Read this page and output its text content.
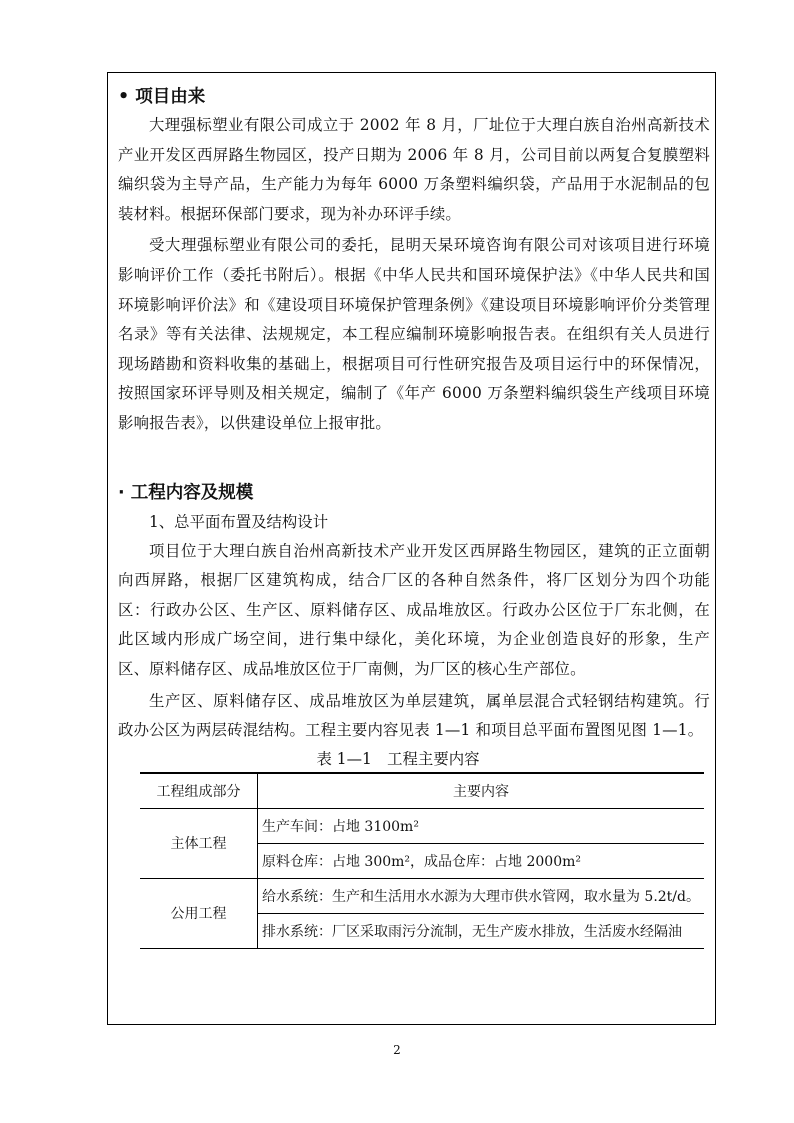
• 项目由来

大理强标塑业有限公司成立于 2002 年 8 月，厂址位于大理白族自治州高新技术产业开发区西屏路生物园区，投产日期为 2006 年 8 月，公司目前以两复合复膜塑料编织袋为主导产品，生产能力为每年 6000 万条塑料编织袋，产品用于水泥制品的包装材料。根据环保部门要求，现为补办环评手续。

受大理强标塑业有限公司的委托，昆明天杲环境咨询有限公司对该项目进行环境影响评价工作（委托书附后）。根据《中华人民共和国环境保护法》《中华人民共和国环境影响评价法》和《建设项目环境保护管理条例》《建设项目环境影响评价分类管理名录》等有关法律、法规规定，本工程应编制环境影响报告表。在组织有关人员进行现场踏勘和资料收集的基础上，根据项目可行性研究报告及项目运行中的环保情况，按照国家环评导则及相关规定，编制了《年产 6000 万条塑料编织袋生产线项目环境影响报告表》，以供建设单位上报审批。

· 工程内容及规模

1、总平面布置及结构设计

项目位于大理白族自治州高新技术产业开发区西屏路生物园区，建筑的正立面朝向西屏路，根据厂区建筑构成，结合厂区的各种自然条件，将厂区划分为四个功能区：行政办公区、生产区、原料储存区、成品堆放区。行政办公区位于厂东北侧，在此区域内形成广场空间，进行集中绿化，美化环境，为企业创造良好的形象，生产区、原料储存区、成品堆放区位于厂南侧，为厂区的核心生产部位。

生产区、原料储存区、成品堆放区为单层建筑，属单层混合式轻钢结构建筑。行政办公区为两层砖混结构。工程主要内容见表 1—1 和项目总平面布置图见图 1—1。

表 1—1　工程主要内容

工程组成部分	主要内容
主体工程	生产车间：占地 3100m²
	原料仓库：占地 300m²，成品仓库：占地 2000m²
公用工程	给水系统：生产和生活用水水源为大理市供水管网，取水量为 5.2t/d。
	排水系统：厂区采取雨污分流制，无生产废水排放，生活废水经隔油
2
